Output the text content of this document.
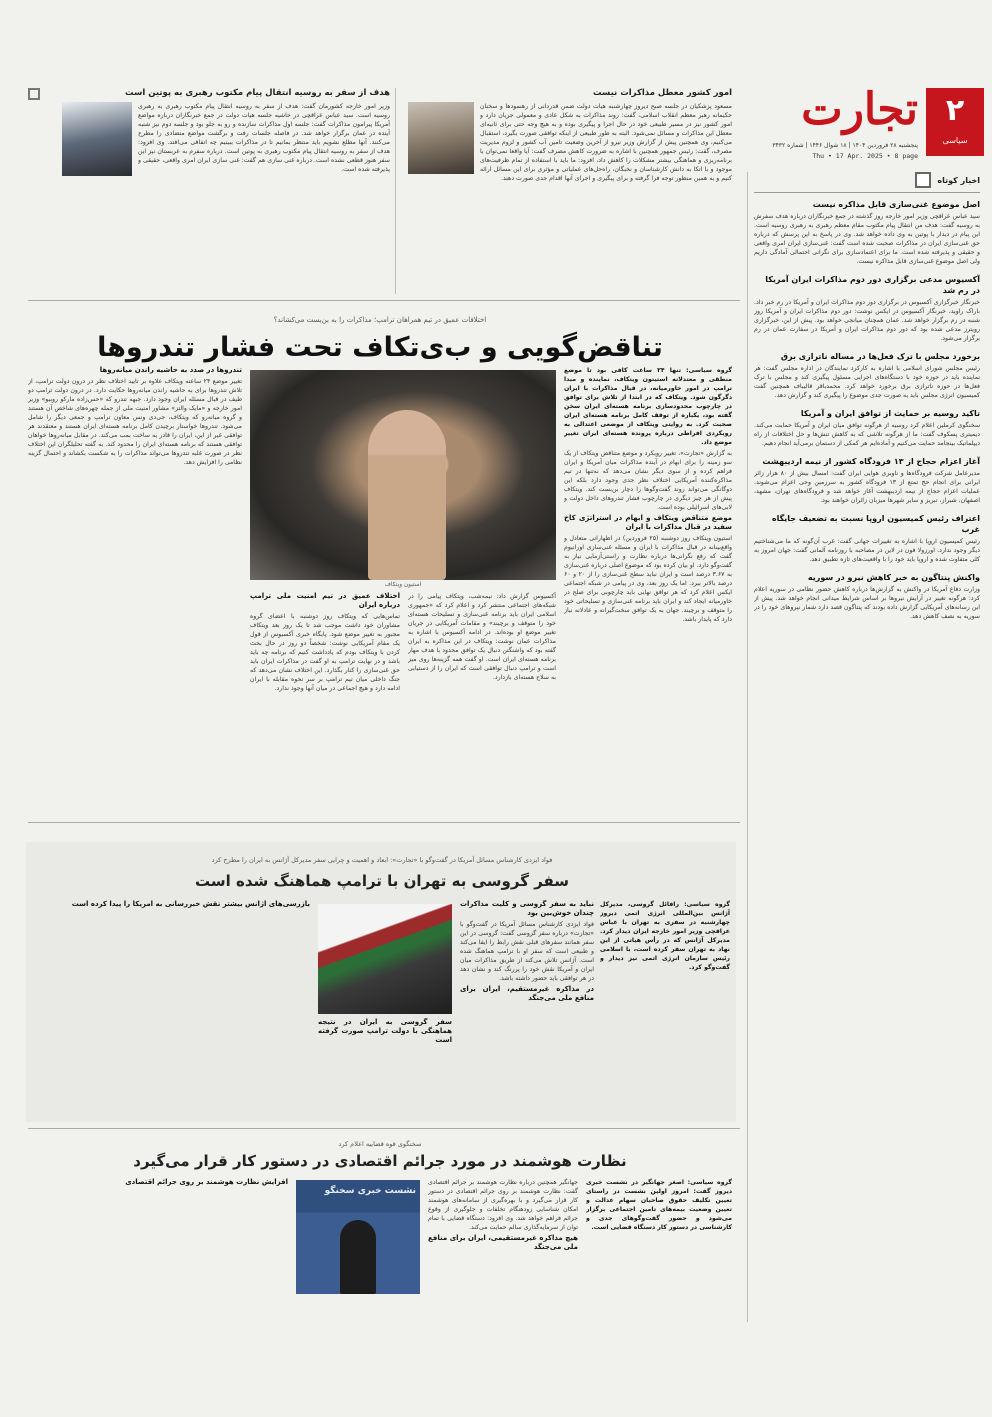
۲
سیاسی
تجارت
پنجشنبه ۲۸ فروردین ۱۴۰۴ | ۱۸ شوال ۱۴۴۶ | شماره ۳۴۳۲
Thu • 17 Apr. 2025 • 8 page
اخبار کوتاه
اصل موضوع غنی‌سازی قابل مذاکره نیست
سید عباس عراقچی وزیر امور خارجه روز گذشته در جمع خبرنگاران درباره هدف سفرش به روسیه گفت: هدف من انتقال پیام مکتوب مقام معظم رهبری به رهبری روسیه است. این پیام در دیدار با پوتین به وی داده خواهد شد. وی در پاسخ به این پرسش که درباره حق غنی‌سازی ایران در مذاکرات صحبت شده است گفت: غنی‌سازی ایران امری واقعی و حقیقی و پذیرفته شده است. ما برای اعتمادسازی برای نگرانی احتمالی آمادگی داریم ولی اصل موضوع غنی‌سازی قابل مذاکره نیست.
آکسیوس مدعی برگزاری دور دوم مذاکرات ایران آمریکا در رم شد
خبرنگار خبرگزاری آکسیوس در برگزاری دور دوم مذاکرات ایران و آمریکا در رم خبر داد. باراک راوید، خبرنگار آکسیوس در ایکس نوشت: دور دوم مذاکرات ایران و آمریکا روز شنبه در رم برگزار خواهد شد. عمان همچنان میانجی خواهد بود. پیش از این، خبرگزاری رویترز مدعی شده بود که دور دوم مذاکرات ایران و آمریکا در سفارت عمان در رم برگزار می‌شود.
برخورد مجلس با ترک فعل‌ها در مساله ناترازی برق
رئیس مجلس شورای اسلامی با اشاره به کارکرد نمایندگان در اداره مجلس گفت: هر نماینده باید در حوزه خود با دستگاه‌های اجرایی مسئول پیگیری کند و مجلس با ترک فعل‌ها در حوزه ناترازی برق برخورد خواهد کرد. محمدباقر قالیباف همچنین گفت کمیسیون انرژی مجلس باید به صورت جدی موضوع را پیگیری کند و گزارش دهد.
تاکید روسیه بر حمایت از توافق ایران و آمریکا
سخنگوی کرملین اعلام کرد روسیه از هرگونه توافق میان ایران و آمریکا حمایت می‌کند. دیمیتری پسکوف گفت: ما از هرگونه تلاشی که به کاهش تنش‌ها و حل اختلافات از راه دیپلماتیک بینجامد حمایت می‌کنیم و آماده‌ایم هر کمکی از دستمان برمی‌آید انجام دهیم.
آغاز اعزام حجاج از ۱۳ فرودگاه کشور از نیمه اردیبهشت
مدیرعامل شرکت فرودگاه‌ها و ناوبری هوایی ایران گفت: امسال بیش از ۸۰ هزار زائر ایرانی برای انجام حج تمتع از ۱۳ فرودگاه کشور به سرزمین وحی اعزام می‌شوند. عملیات اعزام حجاج از نیمه اردیبهشت آغاز خواهد شد و فرودگاه‌های تهران، مشهد، اصفهان، شیراز، تبریز و سایر شهرها میزبان زائران خواهند بود.
اعتراف رئیس کمیسیون اروپا نسبت به تضعیف جایگاه غرب
رئیس کمیسیون اروپا با اشاره به تغییرات جهانی گفت: غرب آن‌گونه که ما می‌شناختیم دیگر وجود ندارد. اورزولا فون در لاین در مصاحبه با روزنامه آلمانی گفت: جهان امروز به کلی متفاوت شده و اروپا باید خود را با واقعیت‌های تازه تطبیق دهد.
واکنش پنتاگون به خبر کاهش نیرو در سوریه
وزارت دفاع آمریکا در واکنش به گزارش‌ها درباره کاهش حضور نظامی در سوریه اعلام کرد: هرگونه تغییر در آرایش نیروها بر اساس شرایط میدانی انجام خواهد شد. پیش از این رسانه‌های آمریکایی گزارش داده بودند که پنتاگون قصد دارد شمار نیروهای خود را در سوریه به نصف کاهش دهد.
امور کشور معطل مذاکرات نیست
مسعود پزشکیان در جلسه صبح دیروز چهارشنبه هیات دولت ضمن قدردانی از رهنمودها و سخنان حکیمانه رهبر معظم انقلاب اسلامی، گفت: روند مذاکرات به شکل عادی و معمولی جریان دارد و امور کشور نیز در مسیر طبیعی خود در حال اجرا و پیگیری بوده و به هیچ وجه حتی برای ثانیه‌ای معطل این مذاکرات و مسائل نمی‌شود. البته به طور طبیعی از اینکه توافقی صورت بگیرد، استقبال می‌کنیم، وی همچنین پیش از گزارش وزیر نیرو از آخرین وضعیت تامین آب کشور و لزوم مدیریت مصرف، گفت: رئیس جمهور همچنین با اشاره به ضرورت کاهش مصرف گفت: آیا واقعا نمی‌توان با برنامه‌ریزی و هماهنگی بیشتر مشکلات را کاهش داد، افزود: ما باید با استفاده از تمام ظرفیت‌های موجود و با اتکا به دانش کارشناسان و نخبگان، راه‌حل‌های عملیاتی و مؤثری برای این مسائل ارائه کنیم و به همین منظور توجه فرا گرفته و برای پیگیری و اجرای آنها اقدام جدی صورت دهند.
هدف از سفر به روسیه انتقال پیام مکتوب رهبری به پوتین است
وزیر امور خارجه کشورمان گفت: هدف از سفر به روسیه انتقال پیام مکتوب رهبری به رهبری روسیه است. سید عباس عراقچی در حاشیه جلسه هیات دولت در جمع خبرنگاران درباره مواضع آمریکا پیرامون مذاکرات گفت: جلسه اول مذاکرات سازنده و رو به جلو بود و جلسه دوم نیز شنبه آینده در عمان برگزار خواهد شد. در فاصله جلسات رفت و برگشت مواضع متضادی را مطرح می‌کنند. آنها مطلع نشویم باید منتظر بمانیم تا در مذاکرات ببینیم چه اتفاقی می‌افتد. وی افزود: هدف از سفر به روسیه انتقال پیام مکتوب رهبری به پوتین است. درباره سفرم به عربستان نیز این سفر هنوز قطعی نشده است. درباره غنی سازی هم گفت: غنی سازی ایران امری واقعی، حقیقی و پذیرفته شده است.
اختلافات عمیق در تیم همراهان ترامپ؛ مذاکرات را به بن‌بست می‌کشاند؟
تناقض‌گویی‌ و‌ ب‌ی‌تکاف تحت‌ فشار تندروها

گروه سیاسی: تنها ۲۴ ساعت کافی بود تا موضع منطقی و معتدلانه استیتون ویتکاف، نماینده و مبدا ترامپ در امور خاورمیانه، در قبال مذاکرات با ایران دگرگون شود. ویتکاف که در ابتدا از تلاش برای توافق در چارچوب محدودسازی برنامه هسته‌ای ایران سخن گفته بود، یکباره از توقف کامل برنامه هسته‌ای ایران صحبت کرد. به روایتی ویتکاف از موضعی اعتدالی به رویکردی افراطی درباره پرونده هسته‌ای ایران تغییر موضع داد.

به گزارش «تجارت»، تغییر رویکرد و موضع متناقض ویتکاف از یک سو زمینه را برای ابهام در آینده مذاکرات میان آمریکا و ایران فراهم کرده و از سوی دیگر نشان می‌دهد که نه‌تنها در تیم مذاکره‌کننده آمریکایی اختلاف نظر جدی وجود دارد بلکه این دوگانگی می‌تواند روند گفت‌وگوها را دچار بن‌بست کند. ویتکاف پیش از هر چیز دیگری در چارچوب فشار تندروهای داخل دولت و لابی‌های اسرائیلی بوده است.

موضع متناقض ویتکاف و ابهام در استراتژی کاخ سفید در قبال مذاکرات با ایران

استیون ویتکاف روز دوشنبه (۲۵ فروردین) در اظهاراتی متعادل و واقع‌بینانه در قبال مذاکرات با ایران و مسئله غنی‌سازی اورانیوم گفت که رفع نگرانی‌ها درباره نظارت و راستی‌آزمایی نیاز به گفت‌وگو دارد. او بیان کرده بود که موضوع اصلی درباره غنی‌سازی به ۳.۶۷ درصد است و ایران نباید سطح غنی‌سازی را از ۲۰ و ۶۰ درصد بالاتر ببرد. اما یک روز بعد، وی در پیامی در شبکه اجتماعی ایکس اعلام کرد که هر توافق نهایی باید چارچوبی برای صلح در خاورمیانه ایجاد کند و ایران باید برنامه غنی‌سازی و تسلیحاتی خود را متوقف و برچیند. جهان به یک توافق سخت‌گیرانه و عادلانه نیاز دارد که پایدار باشد.

استیون ویتکاف

آکسیوس گزارش داد: نیمه‌شب، ویتکاف پیامی را در شبکه‌های اجتماعی منتشر کرد و اعلام کرد که «جمهوری اسلامی ایران باید برنامه غنی‌سازی و تسلیحات هسته‌ای خود را متوقف و برچیند» و مقامات آمریکایی در جریان تغییر موضع او بوده‌اند. در ادامه آکسیوس با اشاره به مذاکرات عمان نوشت: ویتکاف در این مذاکره به ایران گفته بود که واشنگتن دنبال یک توافق محدود با هدف مهار برنامه هسته‌ای ایران است. او گفت همه گزینه‌ها روی میز است و ترامپ دنبال توافقی است که ایران را از دستیابی به سلاح هسته‌ای بازدارد.

اختلاف عمیق در تیم امنیت ملی ترامپ درباره ایران

تماس‌هایی که ویتکاف روز دوشنبه با اعضای گروه مشاوران خود داشت موجب شد تا یک روز بعد ویتکاف مجبور به تغییر موضع شود. پایگاه خبری آکسیوس از قول یک مقام آمریکایی نوشت: شخصاً دو روز در حال بحث کردن با ویتکاف بودم که یادداشت کنیم که برنامه چه باید باشد و در نهایت ترامپ به او گفت در مذاکرات ایران باید حق غنی‌سازی را کنار بگذارد. این اختلاف نشان می‌دهد که جنگ داخلی میان تیم ترامپ بر سر نحوه مقابله با ایران ادامه دارد و هیچ اجماعی در میان آنها وجود ندارد.

تندروها در صدد به حاشیه راندن میانه‌روها

تغییر موضع ۲۴ ساعته ویتکاف علاوه بر تایید اختلاف نظر در درون دولت ترامپ، از تلاش تندروها برای به حاشیه راندن میانه‌روها حکایت دارد. در درون دولت ترامپ دو طیف در قبال مسئله ایران وجود دارد. جبهه تندرو که «حس‌زاده مارکو روبیو» وزیر امور خارجه و «مایک والتز» مشاور امنیت ملی از جمله چهره‌های شاخص آن هستند و گروه میانه‌رو که ویتکاف، جی‌دی ونس معاون ترامپ و جمعی دیگر را شامل می‌شود. تندروها خواستار برچیدن کامل برنامه هسته‌ای ایران هستند و معتقدند هر توافقی غیر از این، ایران را قادر به ساخت بمب می‌کند. در مقابل میانه‌روها خواهان توافقی هستند که برنامه هسته‌ای ایران را محدود کند. به گفته تحلیلگران این اختلاف نظر در صورت غلبه تندروها می‌تواند مذاکرات را به شکست بکشاند و احتمال گزینه نظامی را افزایش دهد.

فواد ایزدی کارشناس مسائل آمریکا در گفت‌وگو با «تجارت»: ابعاد و اهمیت و چرایی سفر مدیرکل آژانس به ایران را مطرح کرد
سفر گروسی به تهران با ترامپ هماهنگ شده است

گروه سیاسی: رافائل گروسی، مدیرکل آژانس بین‌المللی انرژی اتمی دیروز چهارشنبه در سفری به تهران با عباس عراقچی وزیر امور خارجه ایران دیدار کرد. مدیرکل آژانس که در رأس هیاتی از این نهاد به تهران سفر کرده است، با اسلامی رئیس سازمان انرژی اتمی نیز دیدار و گفت‌وگو کرد.

نباید به سفر گروسی و کلیت مذاکرات چندان خوش‌بین بود

فواد ایزدی کارشناس مسائل آمریکا در گفت‌وگو با «تجارت» درباره سفر گروسی گفت: گروسی در این سفر همانند سفرهای قبلی نقش رابط را ایفا می‌کند و طبیعی است که سفر او با ترامپ هماهنگ شده است. آژانس تلاش می‌کند از طریق مذاکرات میان ایران و آمریکا نقش خود را پررنگ کند و نشان دهد در هر توافقی باید حضور داشته باشد.

در مذاکره غیرمستقیم، ایران برای منافع ملی می‌جنگد

سفر گروسی به ایران در نتیجه هماهنگی با دولت ترامپ صورت گرفته است

بازرسی‌های آژانس بیشتر نقش خبررسانی به آمریکا را پیدا کرده است

سخنگوی قوه قضاییه اعلام کرد
نظارت هوشمند در مورد جرائم اقتصادی در دستور کار قرار می‌گیرد

گروه سیاسی: اصغر جهانگیر در نشست خبری دیروز گفت: امروز اولین نشست در راستای تعیین تکلیف حقوق صاحبان سهام عدالت و تعیین وضعیت بیمه‌های تامین اجتماعی برگزار می‌شود و حضور گفت‌وگوهای جدی و کارشناسی در دستور کار دستگاه قضایی است.

جهانگیر همچنین درباره نظارت هوشمند بر جرائم اقتصادی گفت: نظارت هوشمند بر روی جرائم اقتصادی در دستور کار قرار می‌گیرد و با بهره‌گیری از سامانه‌های هوشمند امکان شناسایی زودهنگام تخلفات و جلوگیری از وقوع جرائم فراهم خواهد شد. وی افزود: دستگاه قضایی با تمام توان از سرمایه‌گذاری سالم حمایت می‌کند.

هیچ مذاکره غیرمستقیمی، ایران برای منافع ملی می‌جنگد

نشست خبری سخنگو

افزایش نظارت هوشمند بر روی جرائم اقتصادی
